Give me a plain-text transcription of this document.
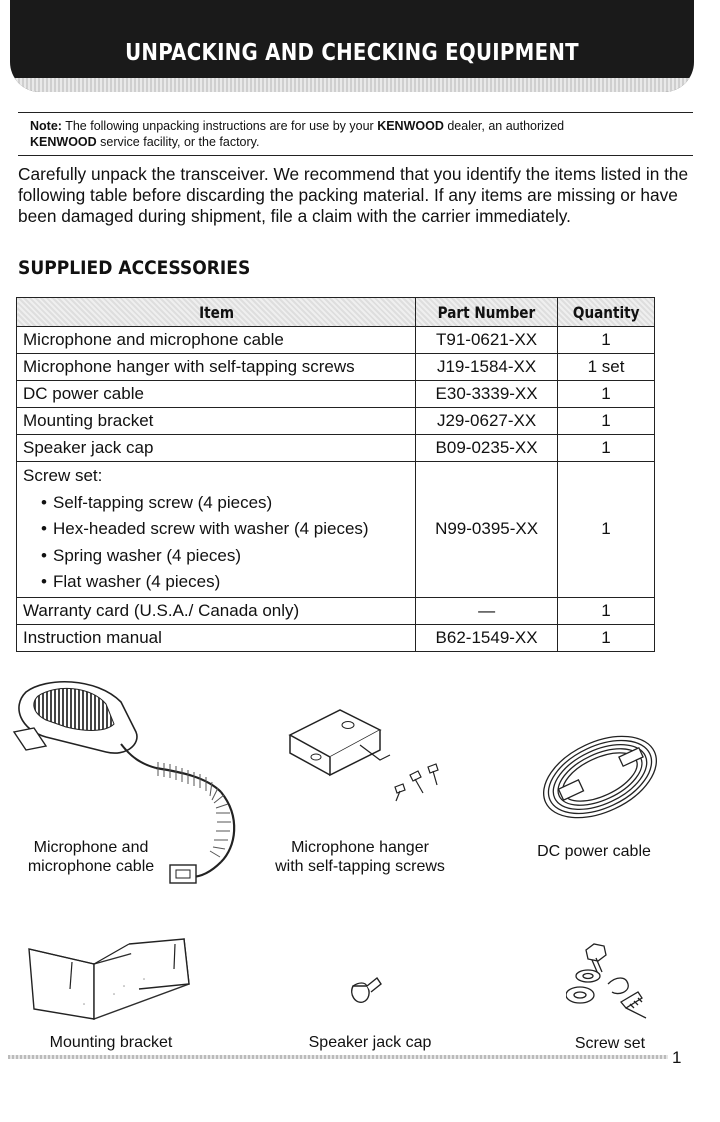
UNPACKING AND CHECKING EQUIPMENT
Note: The following unpacking instructions are for use by your KENWOOD dealer, an authorized
KENWOOD service facility, or the factory.

Carefully unpack the transceiver. We recommend that you identify the items listed in the following table before discarding the packing material. If any items are missing or have been damaged during shipment, file a claim with the carrier immediately.

SUPPLIED ACCESSORIES
Item	Part Number	Quantity
Microphone and microphone cable	T91-0621-XX	1
Microphone hanger with self-tapping screws	J19-1584-XX	1 set
DC power cable	E30-3339-XX	1
Mounting bracket	J29-0627-XX	1
Speaker jack cap	B09-0235-XX	1

Screw set:
• Self-tapping screw (4 pieces)
• Hex-headed screw with washer (4 pieces)
• Spring washer (4 pieces)
• Flat washer (4 pieces)	N99-0395-XX	1
Warranty card (U.S.A./ Canada only)	—	1
Instruction manual	B62-1549-XX	1
Microphone and
microphone cable
Microphone hanger
with self-tapping screws
DC power cable
Mounting bracket	Speaker jack cap	Screw set
1
